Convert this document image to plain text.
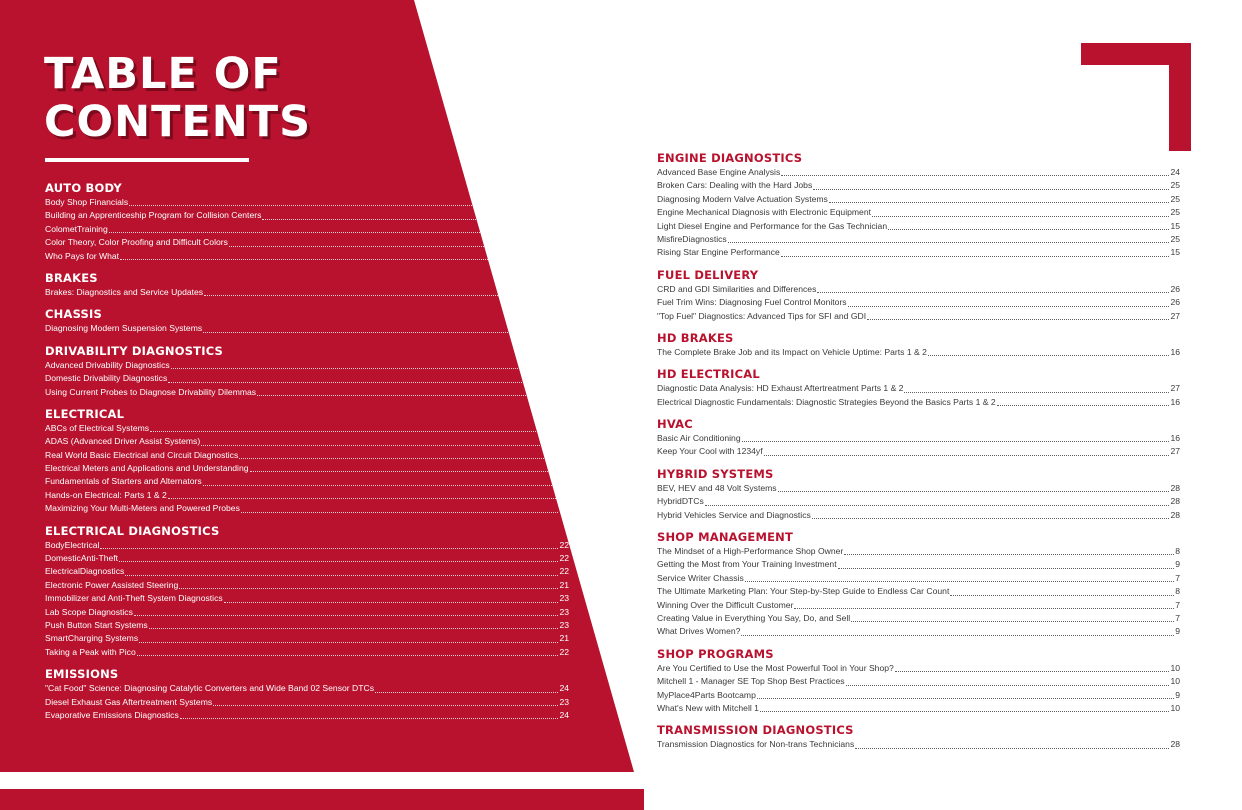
TABLE OF
CONTENTS
AUTO BODY
Body Shop Financials	19
Building an Apprenticeship Program for Collision Centers	20
ColometTraining	19
Color Theory, Color Proofing and Difficult Colors	19
Who Pays for What	19
BRAKES
Brakes: Diagnostics and Service Updates	13
CHASSIS
Diagnosing Modern Suspension Systems	20
DRIVABILITY DIAGNOSTICS
Advanced Drivability Diagnostics	30
Domestic Drivability Diagnostics	20
Using Current Probes to Diagnose Drivability Dilemmas	20
ELECTRICAL
ABCs of Electrical Systems	14
ADAS (Advanced Driver Assist Systems)	21
Real World Basic Electrical and Circuit Diagnostics	13
Electrical Meters and Applications and Understanding	14
Fundamentals of Starters and Alternators	13
Hands-on Electrical: Parts 1 & 2	14
Maximizing Your Multi-Meters and Powered Probes	13
ELECTRICAL DIAGNOSTICS
BodyElectrical	22
DomesticAnti-Theft	22
ElectricalDiagnostics	22
Electronic Power Assisted Steering	21
Immobilizer and Anti-Theft System Diagnostics	23
Lab Scope Diagnostics	23
Push Button Start Systems	23
SmartCharging Systems	21
Taking a Peak with Pico	22
EMISSIONS
"Cat Food" Science: Diagnosing Catalytic Converters and Wide Band 02 Sensor DTCs	24
Diesel Exhaust Gas Aftertreatment Systems	23
Evaporative Emissions Diagnostics	24
ENGINE DIAGNOSTICS
Advanced Base Engine Analysis	24
Broken Cars: Dealing with the Hard Jobs	25
Diagnosing Modern Valve Actuation Systems	25
Engine Mechanical Diagnosis with Electronic Equipment	25
Light Diesel Engine and Performance for the Gas Technician	15
MisfireDiagnostics	25
Rising Star Engine Performance	15
FUEL DELIVERY
CRD and GDI Similarities and Differences	26
Fuel Trim Wins: Diagnosing Fuel Control Monitors	26
"Top Fuel" Diagnostics: Advanced Tips for SFI and GDI	27
HD BRAKES
The Complete Brake Job and its Impact on Vehicle Uptime: Parts 1 & 2	16
HD ELECTRICAL
Diagnostic Data Analysis: HD Exhaust Aftertreatment Parts 1 & 2	27
Electrical Diagnostic Fundamentals: Diagnostic Strategies Beyond the Basics Parts 1 & 2	16
HVAC
Basic Air Conditioning	16
Keep Your Cool with 1234yf	27
HYBRID SYSTEMS
BEV, HEV and 48 Volt Systems	28
HybridDTCs	28
Hybrid Vehicles Service and Diagnostics	28
SHOP MANAGEMENT
The Mindset of a High-Performance Shop Owner	8
Getting the Most from Your Training Investment	9
Service Writer Chassis	7
The Ultimate Marketing Plan: Your Step-by-Step Guide to Endless Car Count	8
Winning Over the Difficult Customer	7
Creating Value in Everything You Say, Do, and Sell	7
What Drives Women?	9
SHOP PROGRAMS
Are You Certified to Use the Most Powerful Tool in Your Shop?	10
Mitchell 1 - Manager SE Top Shop Best Practices	10
MyPlace4Parts Bootcamp	9
What's New with Mitchell 1	10
TRANSMISSION DIAGNOSTICS
Transmission Diagnostics for Non-trans Technicians	28
